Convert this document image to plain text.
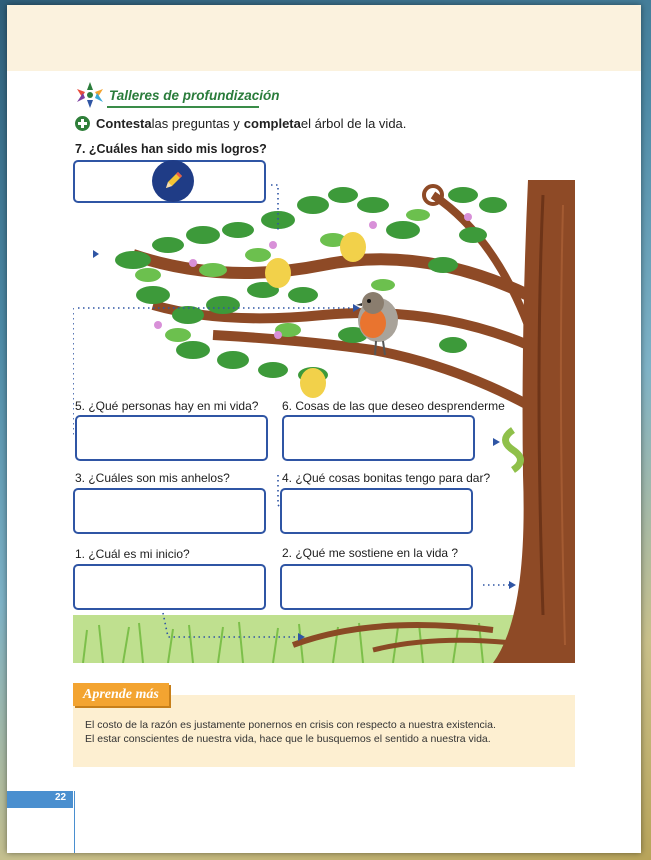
Talleres de profundización
Contesta las preguntas y completa el árbol de la vida.
7. ¿Cuáles han sido mis logros?
5. ¿Qué personas hay en mi vida? 6. Cosas de las que deseo desprenderme
3. ¿Cuáles son mis anhelos?	4. ¿Qué cosas bonitas tengo para dar?
1. ¿Cuál es mi inicio?	2. ¿Qué me sostiene en la vida ?
Aprende más
El costo de la razón es justamente ponernos en crisis con respecto a nuestra existencia.
El estar conscientes de nuestra vida, hace que le busquemos el sentido a nuestra vida.
22
